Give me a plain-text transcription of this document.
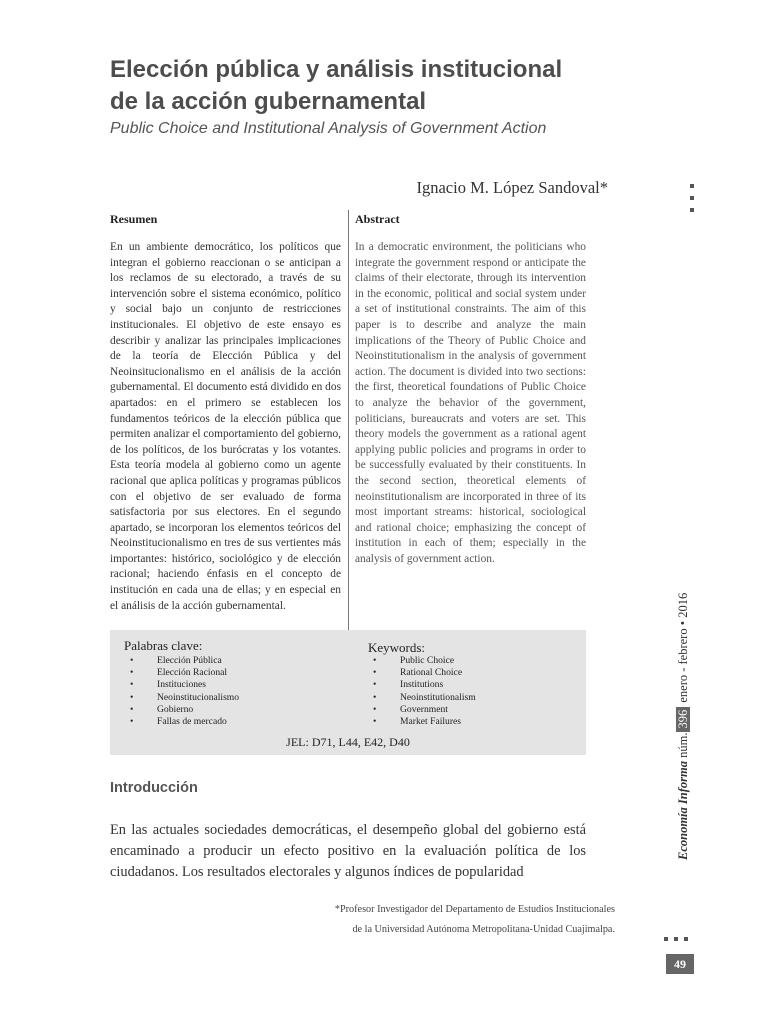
Elección pública y análisis institucional
de la acción gubernamental

Public Choice and Institutional Analysis of Government Action

Ignacio M. López Sandoval*
Resumen	Abstract

En un ambiente democrático, los políticos que integran el gobierno reaccionan o se anticipan a los reclamos de su electorado, a través de su intervención sobre el sistema económico, político y social bajo un conjunto de restricciones institucionales. El objetivo de este ensayo es describir y analizar las principales implicaciones de la teoría de Elección Pública y del Neoinsitucionalismo en el análisis de la acción gubernamental. El documento está dividido en dos apartados: en el primero se establecen los fundamentos teóricos de la elección pública que permiten analizar el comportamiento del gobierno, de los políticos, de los burócratas y los votantes. Esta teoría modela al gobierno como un agente racional que aplica políticas y programas públicos con el objetivo de ser evaluado de forma satisfactoria por sus electores. En el segundo apartado, se incorporan los elementos teóricos del Neoinstitucionalismo en tres de sus vertientes más importantes: histórico, sociológico y de elección racional; haciendo énfasis en el concepto de institución en cada una de ellas; y en especial en el análisis de la acción gubernamental.

In a democratic environment, the politicians who integrate the government respond or anticipate the claims of their electorate, through its intervention in the economic, political and social system under a set of institutional constraints. The aim of this paper is to describe and analyze the main implications of the Theory of Public Choice and Neoinstitutionalism in the analysis of government action. The document is divided into two sections: the first, theoretical foundations of Public Choice to analyze the behavior of the government, politicians, bureaucrats and voters are set. This theory models the government as a rational agent applying public policies and programs in order to be successfully evaluated by their constituents. In the second section, theoretical elements of neoinstitutionalism are incorporated in three of its most important streams: historical, sociological and rational choice; emphasizing the concept of institution in each of them; especially in the analysis of government action.

Palabras clave:
• Elección Pública
• Elección Racional
• Instituciones
• Neoinstitucionalismo
• Gobierno
• Fallas de mercado
Keywords:
• Public Choice
• Rational Choice
• Institutions
• Neoinstitutionalism
• Government
• Market Failures
JEL: D71, L44, E42, D40
Introducción

En las actuales sociedades democráticas, el desempeño global del gobierno está encaminado a producir un efecto positivo en la evaluación política de los ciudadanos. Los resultados electorales y algunos índices de popularidad

*Profesor Investigador del Departamento de Estudios Institucionales
de la Universidad Autónoma Metropolitana-Unidad Cuajimalpa.

Economía Informa núm.396 enero - febrero • 2016
49
